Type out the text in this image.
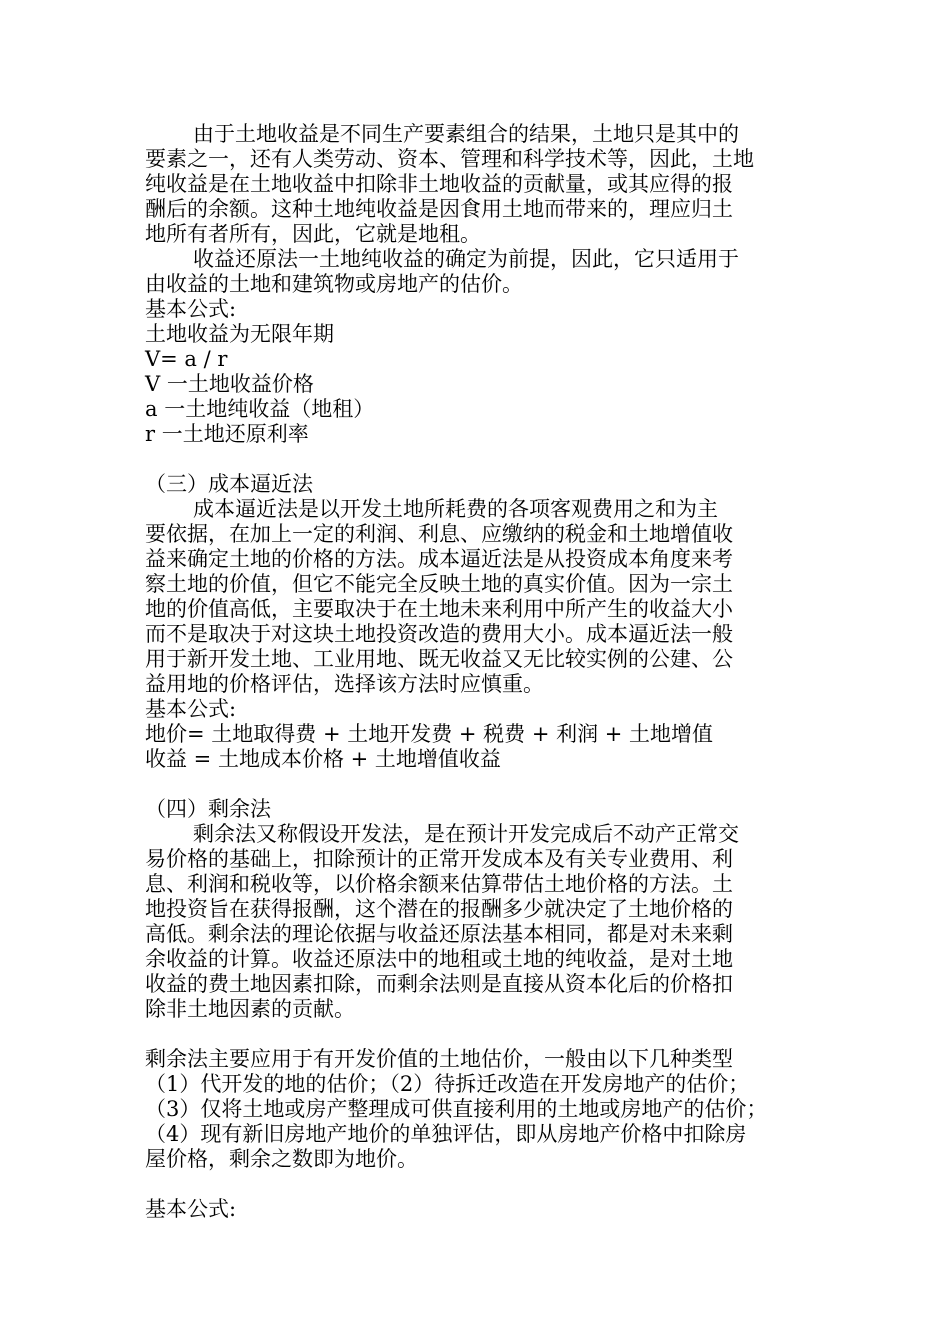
由于土地收益是不同生产要素组合的结果，土地只是其中的
要素之一，还有人类劳动、资本、管理和科学技术等，因此，土地
纯收益是在土地收益中扣除非土地收益的贡献量，或其应得的报
酬后的余额。这种土地纯收益是因食用土地而带来的，理应归土
地所有者所有，因此，它就是地租。
收益还原法一土地纯收益的确定为前提，因此，它只适用于
由收益的土地和建筑物或房地产的估价。
基本公式:
土地收益为无限年期
V= a / r
V 一土地收益价格
a 一土地纯收益（地租）
r 一土地还原利率
（三）成本逼近法
成本逼近法是以开发土地所耗费的各项客观费用之和为主
要依据，在加上一定的利润、利息、应缴纳的税金和土地增值收
益来确定土地的价格的方法。成本逼近法是从投资成本角度来考
察土地的价值，但它不能完全反映土地的真实价值。因为一宗土
地的价值高低，主要取决于在土地未来利用中所产生的收益大小
而不是取决于对这块土地投资改造的费用大小。成本逼近法一般
用于新开发土地、工业用地、既无收益又无比较实例的公建、公
益用地的价格评估，选择该方法时应慎重。
基本公式:
地价= 土地取得费 + 土地开发费 + 税费 + 利润 + 土地增值
收益 = 土地成本价格 + 土地增值收益
（四）剩余法
剩余法又称假设开发法，是在预计开发完成后不动产正常交
易价格的基础上，扣除预计的正常开发成本及有关专业费用、利
息、利润和税收等，以价格余额来估算带估土地价格的方法。土
地投资旨在获得报酬，这个潜在的报酬多少就决定了土地价格的
高低。剩余法的理论依据与收益还原法基本相同，都是对未来剩
余收益的计算。收益还原法中的地租或土地的纯收益，是对土地
收益的费土地因素扣除，而剩余法则是直接从资本化后的价格扣
除非土地因素的贡献。
剩余法主要应用于有开发价值的土地估价，一般由以下几种类型
（1）代开发的地的估价；（2）待拆迁改造在开发房地产的估价；
（3）仅将土地或房产整理成可供直接利用的土地或房地产的估价；
（4）现有新旧房地产地价的单独评估，即从房地产价格中扣除房
屋价格，剩余之数即为地价。
基本公式:
